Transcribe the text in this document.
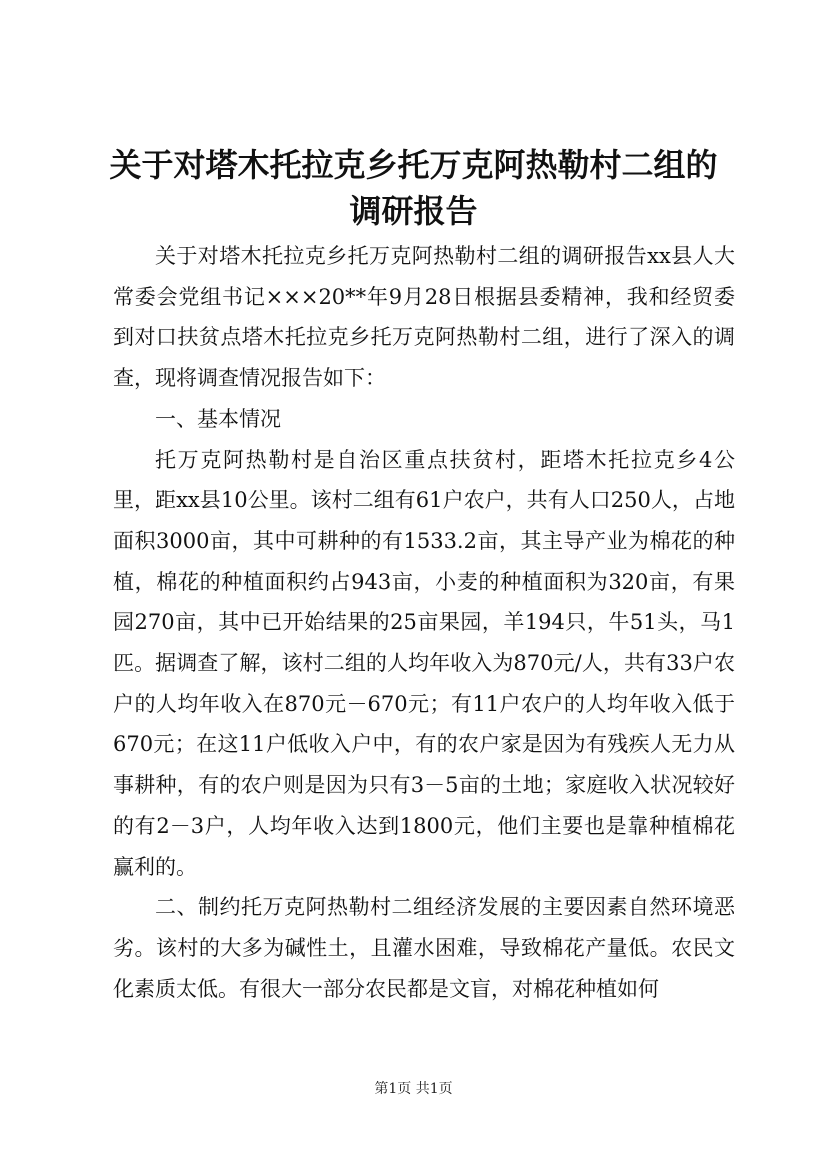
关于对塔木托拉克乡托万克阿热勒村二组的调研报告

关于对塔木托拉克乡托万克阿热勒村二组的调研报告xx县人大常委会党组书记×××20**年9月28日根据县委精神，我和经贸委到对口扶贫点塔木托拉克乡托万克阿热勒村二组，进行了深入的调查，现将调查情况报告如下：

一、基本情况

托万克阿热勒村是自治区重点扶贫村，距塔木托拉克乡4公里，距xx县10公里。该村二组有61户农户，共有人口250人，占地面积3000亩，其中可耕种的有1533.2亩，其主导产业为棉花的种植，棉花的种植面积约占943亩，小麦的种植面积为320亩，有果园270亩，其中已开始结果的25亩果园，羊194只，牛51头，马1匹。据调查了解，该村二组的人均年收入为870元/人，共有33户农户的人均年收入在870元－670元；有11户农户的人均年收入低于670元；在这11户低收入户中，有的农户家是因为有残疾人无力从事耕种，有的农户则是因为只有3－5亩的土地；家庭收入状况较好的有2－3户，人均年收入达到1800元，他们主要也是靠种植棉花赢利的。

二、制约托万克阿热勒村二组经济发展的主要因素自然环境恶劣。该村的大多为碱性土，且灌水困难，导致棉花产量低。农民文化素质太低。有很大一部分农民都是文盲，对棉花种植如何

第1页 共1页
